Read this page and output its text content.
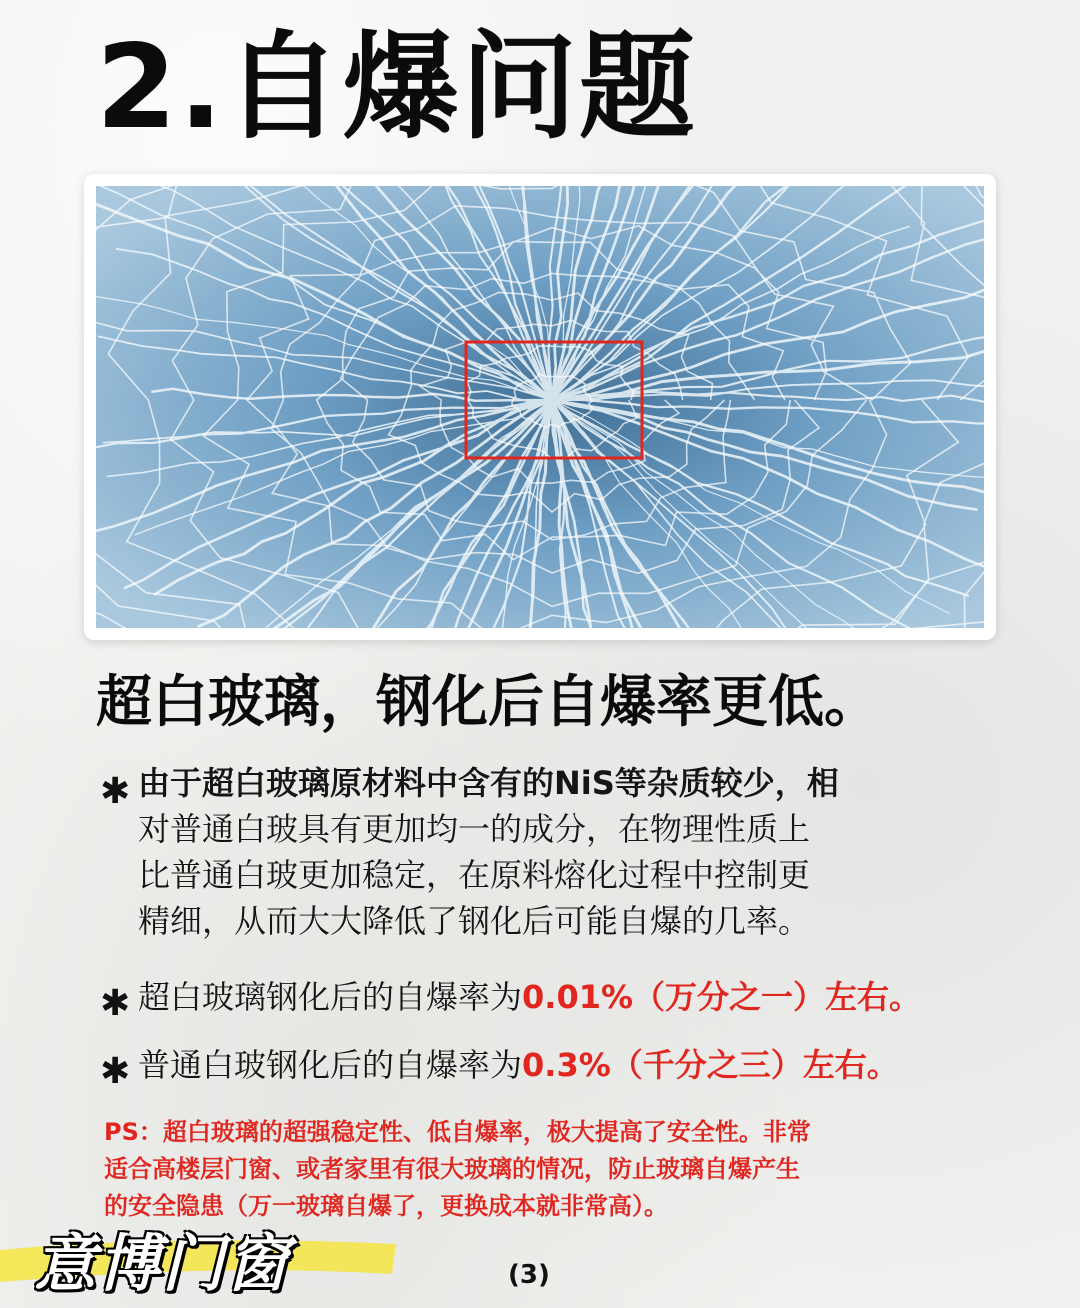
2.自爆问题
超白玻璃，钢化后自爆率更低。
✱ 由于超白玻璃原材料中含有的NiS等杂质较少，相
对普通白玻具有更加均一的成分，在物理性质上
比普通白玻更加稳定，在原料熔化过程中控制更
精细，从而大大降低了钢化后可能自爆的几率。
✱ 超白玻璃钢化后的自爆率为0.01%（万分之一）左右。
✱ 普通白玻钢化后的自爆率为0.3%（千分之三）左右。
PS：超白玻璃的超强稳定性、低自爆率，极大提高了安全性。非常
适合高楼层门窗、或者家里有很大玻璃的情况，防止玻璃自爆产生
的安全隐患（万一玻璃自爆了，更换成本就非常高）。
意博门窗	(3)
